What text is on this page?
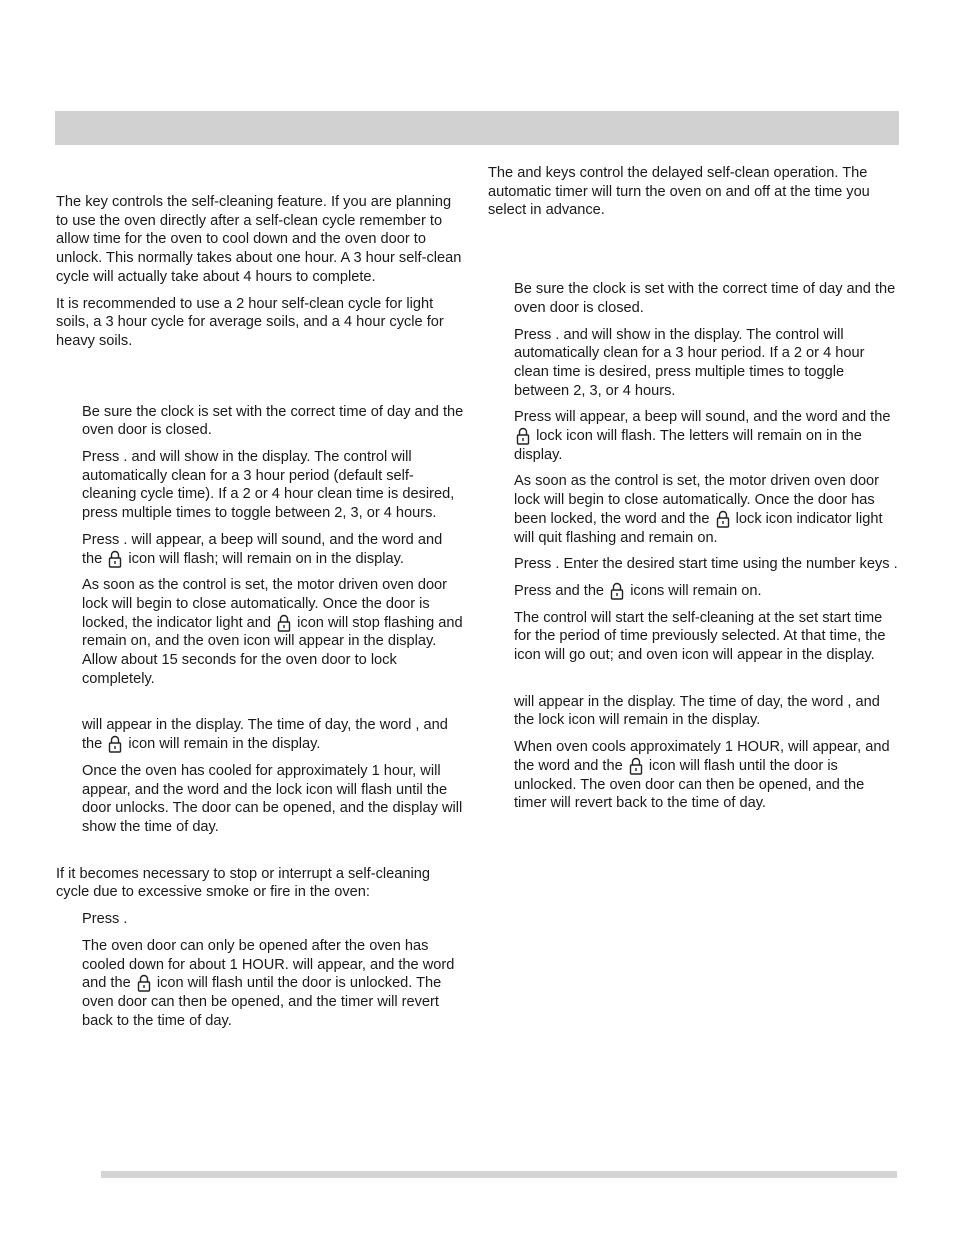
The key controls the self-cleaning feature. If you are planning to use the oven directly after a self-clean cycle remember to allow time for the oven to cool down and the oven door to unlock. This normally takes about one hour. A 3 hour self-clean cycle will actually take about 4 hours to complete.

It is recommended to use a 2 hour self-clean cycle for light soils, a 3 hour cycle for average soils, and a 4 hour cycle for heavy soils.

Be sure the clock is set with the correct time of day and the oven door is closed.

Press . and will show in the display. The control will automatically clean for a 3 hour period (default self-cleaning cycle time). If a 2 or 4 hour clean time is desired, press multiple times to toggle between 2, 3, or 4 hours.

Press . will appear, a beep will sound, and the word and the icon will flash; will remain on in the display.

As soon as the control is set, the motor driven oven door lock will begin to close automatically. Once the door is locked, the indicator light and icon will stop flashing and remain on, and the oven icon will appear in the display. Allow about 15 seconds for the oven door to lock completely.

will appear in the display. The time of day, the word , and the icon will remain in the display.

Once the oven has cooled for approximately 1 hour, will appear, and the word and the lock icon will flash until the door unlocks. The door can be opened, and the display will show the time of day.

If it becomes necessary to stop or interrupt a self-cleaning cycle due to excessive smoke or fire in the oven:

Press .

The oven door can only be opened after the oven has cooled down for about 1 HOUR. will appear, and the word and the icon will flash until the door is unlocked. The oven door can then be opened, and the timer will revert back to the time of day.

The and keys control the delayed self-clean operation. The automatic timer will turn the oven on and off at the time you select in advance.

Be sure the clock is set with the correct time of day and the oven door is closed.

Press . and will show in the display. The control will automatically clean for a 3 hour period. If a 2 or 4 hour clean time is desired, press multiple times to toggle between 2, 3, or 4 hours.

Press will appear, a beep will sound, and the word and the
lock icon will flash. The letters will remain on in the display.

As soon as the control is set, the motor driven oven door lock will begin to close automatically. Once the door has been locked, the word and the lock icon indicator light will quit flashing and remain on.

Press . Enter the desired start time using the number keys .

Press and the icons will remain on.

The control will start the self-cleaning at the set start time for the period of time previously selected. At that time, the icon will go out; and oven icon will appear in the display.

will appear in the display. The time of day, the word , and the lock icon will remain in the display.

When oven cools approximately 1 HOUR, will appear, and the word and the icon will flash until the door is unlocked. The oven door can then be opened, and the timer will revert back to the time of day.
